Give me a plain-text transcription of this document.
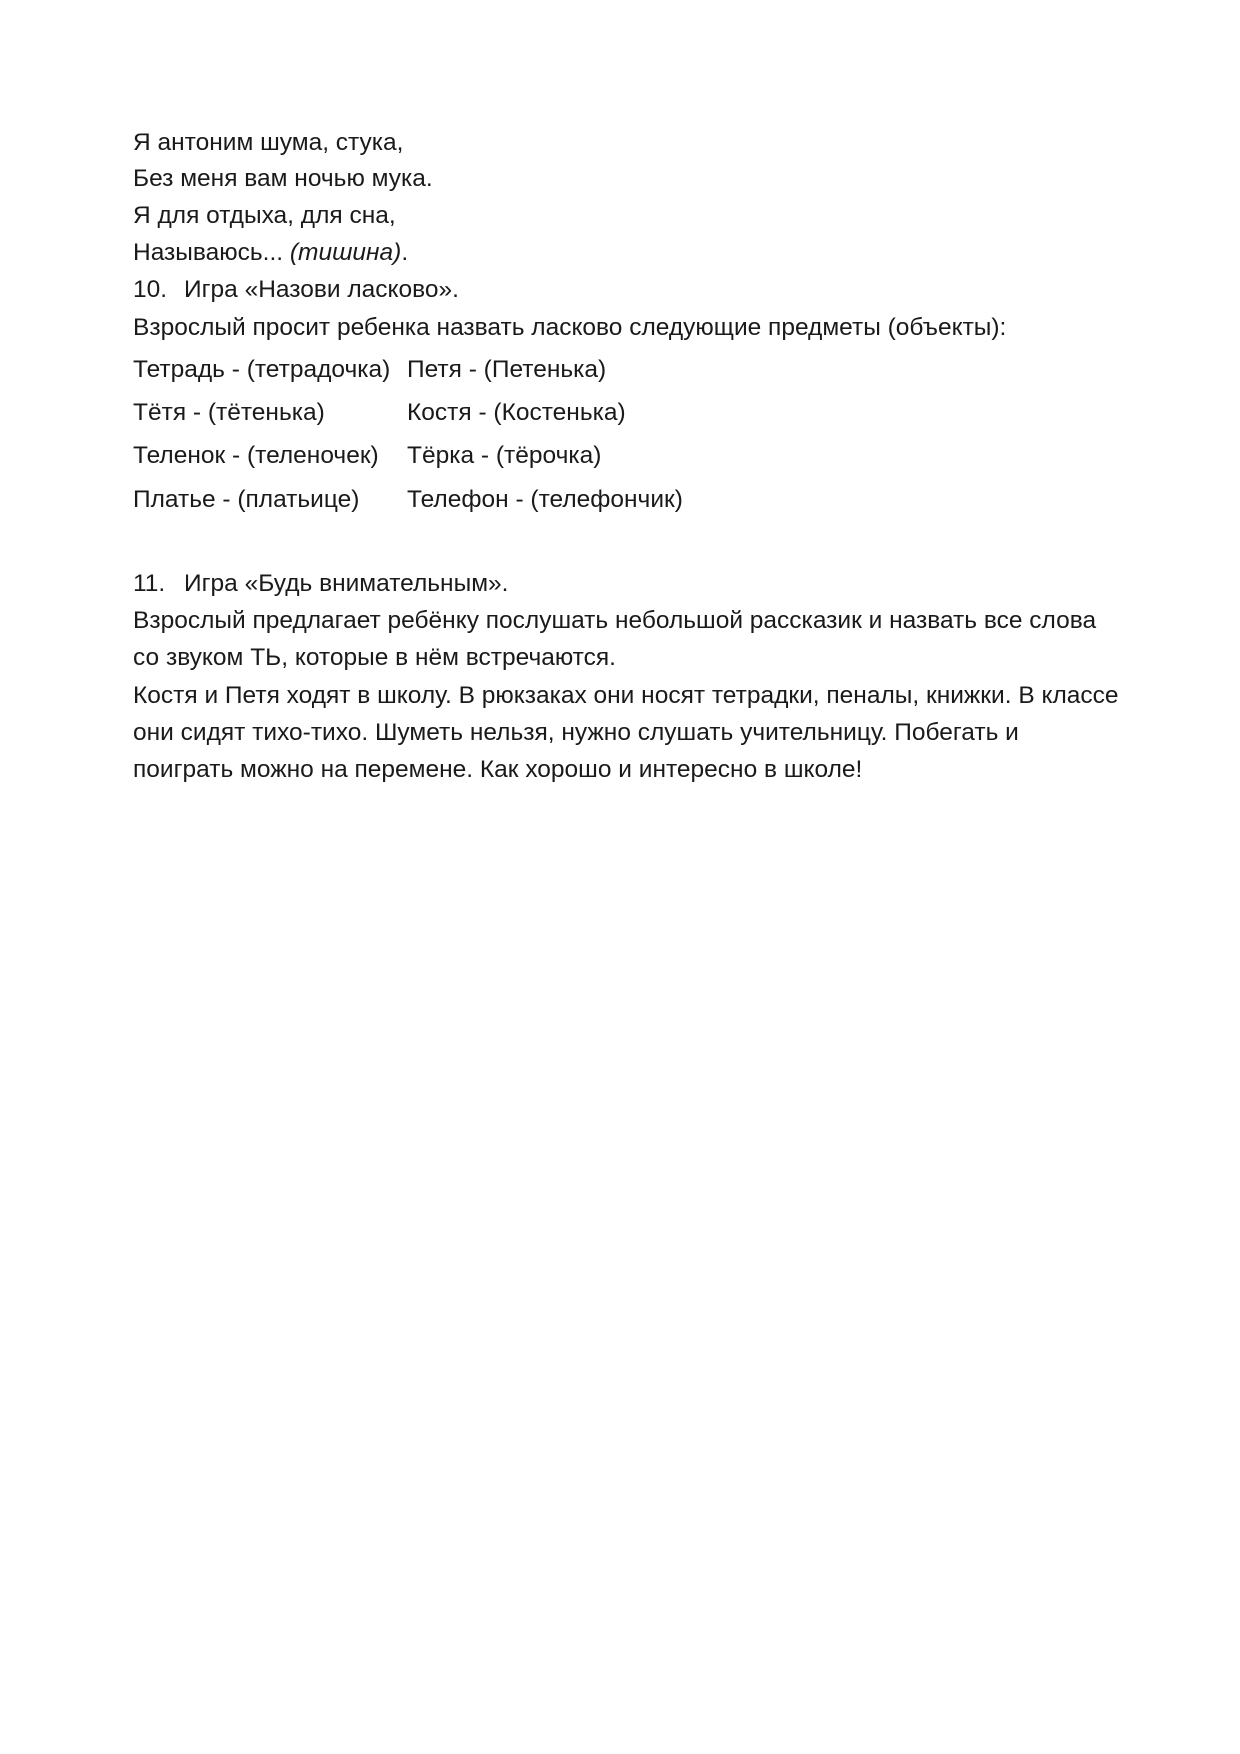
Я антоним шума, стука,
Без меня вам ночью мука.
Я для отдыха, для сна,
Называюсь... (тишина).
10. Игра «Назови ласково».
Взрослый просит ребенка назвать ласково следующие предметы (объекты):
Тетрадь - (тетрадочка) Петя - (Петенька)
Тётя - (тётенька)	Костя - (Костенька)
Теленок - (теленочек) Тёрка - (тёрочка)
Платье - (платьице) Телефон - (телефончик)
11. Игра «Будь внимательным».
Взрослый предлагает ребёнку послушать небольшой рассказик и назвать все слова
со звуком ТЬ, которые в нём встречаются.
Костя и Петя ходят в школу. В рюкзаках они носят тетрадки, пеналы, книжки. В классе
они сидят тихо-тихо. Шуметь нельзя, нужно слушать учительницу. Побегать и
поиграть можно на перемене. Как хорошо и интересно в школе!
